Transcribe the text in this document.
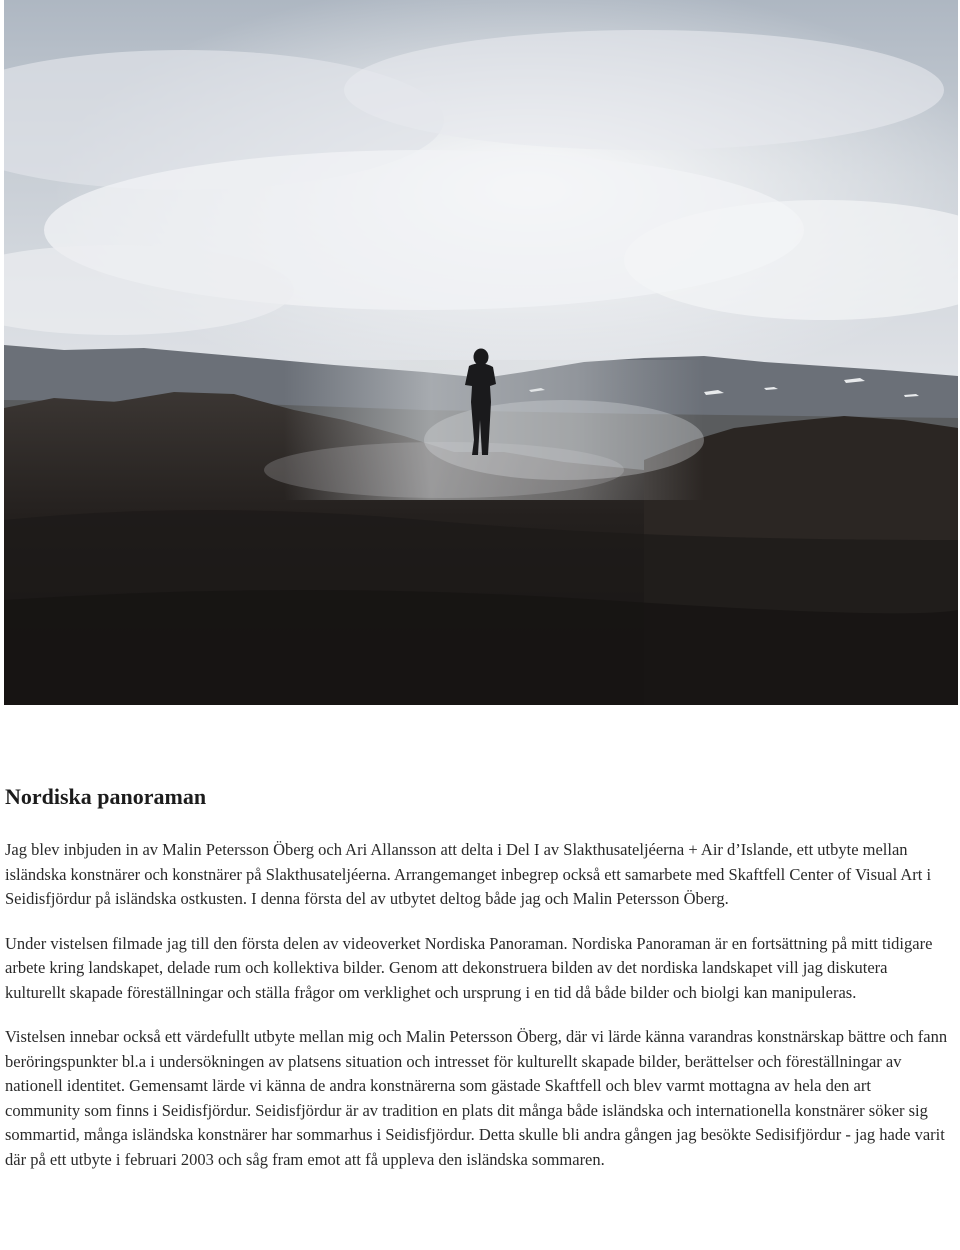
Nordiska panoraman

Jag blev inbjuden in av Malin Petersson Öberg och Ari Allansson att delta i Del I av Slakthusateljéerna + Air d’Islande, ett utbyte mellan isländska konstnärer och konstnärer på Slakthusateljéerna. Arrangemanget inbegrep också ett samarbete med Skaftfell Center of Visual Art i Seidisfjördur på isländska ostkusten. I denna första del av utbytet deltog både jag och Malin Petersson Öberg.

Under vistelsen filmade jag till den första delen av videoverket Nordiska Panoraman. Nordiska Panoraman är en fortsättning på mitt tidigare arbete kring landskapet, delade rum och kollektiva bilder. Genom att dekonstruera bilden av det nordiska landskapet vill jag diskutera kulturellt skapade föreställningar och ställa frågor om verklighet och ursprung i en tid då både bilder och biolgi kan manipuleras.

Vistelsen innebar också ett värdefullt utbyte mellan mig och Malin Petersson Öberg, där vi lärde känna varandras konstnärskap bättre och fann beröringspunkter bl.a i undersökningen av platsens situation och intresset för kulturellt skapade bilder, berättelser och föreställningar av nationell identitet. Gemensamt lärde vi känna de andra konstnärerna som gästade Skaftfell och blev varmt mottagna av hela den art community som finns i Seidisfjördur. Seidisfjördur är av tradition en plats dit många både isländska och internationella konstnärer söker sig sommartid, många isländska konstnärer har sommarhus i Seidisfjördur. Detta skulle bli andra gången jag besökte Sedisifjördur - jag hade varit där på ett utbyte i februari 2003 och såg fram emot att få uppleva den isländska sommaren.
